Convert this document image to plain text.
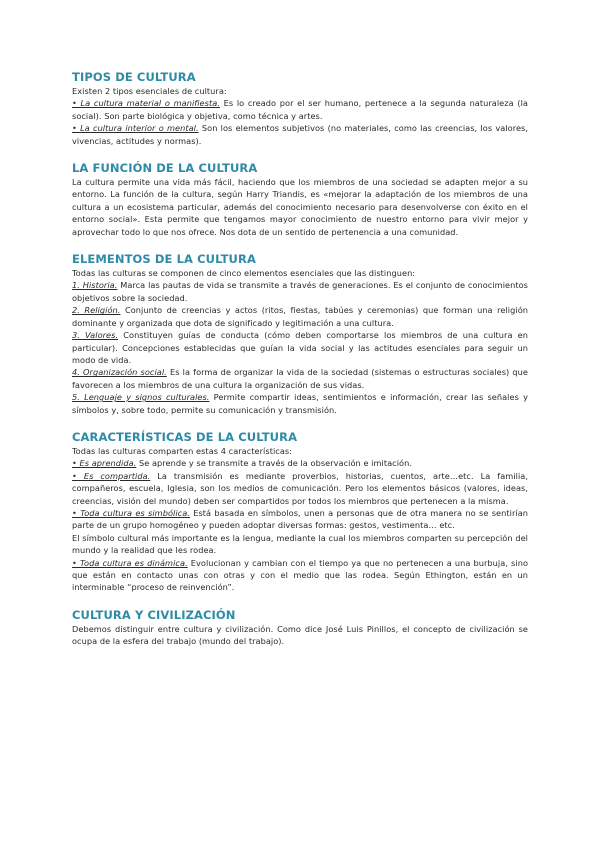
TIPOS DE CULTURA

Existen 2 tipos esenciales de cultura:

• La cultura material o manifiesta. Es lo creado por el ser humano, pertenece a la segunda naturaleza (la social). Son parte biológica y objetiva, como técnica y artes.

• La cultura interior o mental. Son los elementos subjetivos (no materiales, como las creencias, los valores, vivencias, actitudes y normas).

LA FUNCIÓN DE LA CULTURA

La cultura permite una vida más fácil, haciendo que los miembros de una sociedad se adapten mejor a su entorno. La función de la cultura, según Harry Triandis, es «mejorar la adaptación de los miembros de una cultura a un ecosistema particular, además del conocimiento necesario para desenvolverse con éxito en el entorno social». Esta permite que tengamos mayor conocimiento de nuestro entorno para vivir mejor y aprovechar todo lo que nos ofrece. Nos dota de un sentido de pertenencia a una comunidad.

ELEMENTOS DE LA CULTURA

Todas las culturas se componen de cinco elementos esenciales que las distinguen:

1. Historia. Marca las pautas de vida se transmite a través de generaciones. Es el conjunto de conocimientos objetivos sobre la sociedad.

2. Religión. Conjunto de creencias y actos (ritos, fiestas, tabúes y ceremonias) que forman una religión dominante y organizada que dota de significado y legitimación a una cultura.

3. Valores. Constituyen guías de conducta (cómo deben comportarse los miembros de una cultura en particular). Concepciones establecidas que guían la vida social y las actitudes esenciales para seguir un modo de vida.

4. Organización social. Es la forma de organizar la vida de la sociedad (sistemas o estructuras sociales) que favorecen a los miembros de una cultura la organización de sus vidas.

5. Lenguaje y signos culturales. Permite compartir ideas, sentimientos e información, crear las señales y símbolos y, sobre todo, permite su comunicación y transmisión.

CARACTERÍSTICAS DE LA CULTURA

Todas las culturas comparten estas 4 características:

• Es aprendida. Se aprende y se transmite a través de la observación e imitación.

• Es compartida. La transmisión es mediante proverbios, historias, cuentos, arte…etc. La familia, compañeros, escuela, Iglesia, son los medios de comunicación. Pero los elementos básicos (valores, ideas, creencias, visión del mundo) deben ser compartidos por todos los miembros que pertenecen a la misma.

• Toda cultura es simbólica. Está basada en símbolos, unen a personas que de otra manera no se sentirían parte de un grupo homogéneo y pueden adoptar diversas formas: gestos, vestimenta… etc.

El símbolo cultural más importante es la lengua, mediante la cual los miembros comparten su percepción del mundo y la realidad que les rodea.

• Toda cultura es dinámica. Evolucionan y cambian con el tiempo ya que no pertenecen a una burbuja, sino que están en contacto unas con otras y con el medio que las rodea. Según Ethington, están en un interminable “proceso de reinvención”.

CULTURA Y CIVILIZACIÓN

Debemos distinguir entre cultura y civilización. Como dice José Luis Pinillos, el concepto de civilización se ocupa de la esfera del trabajo (mundo del trabajo).
